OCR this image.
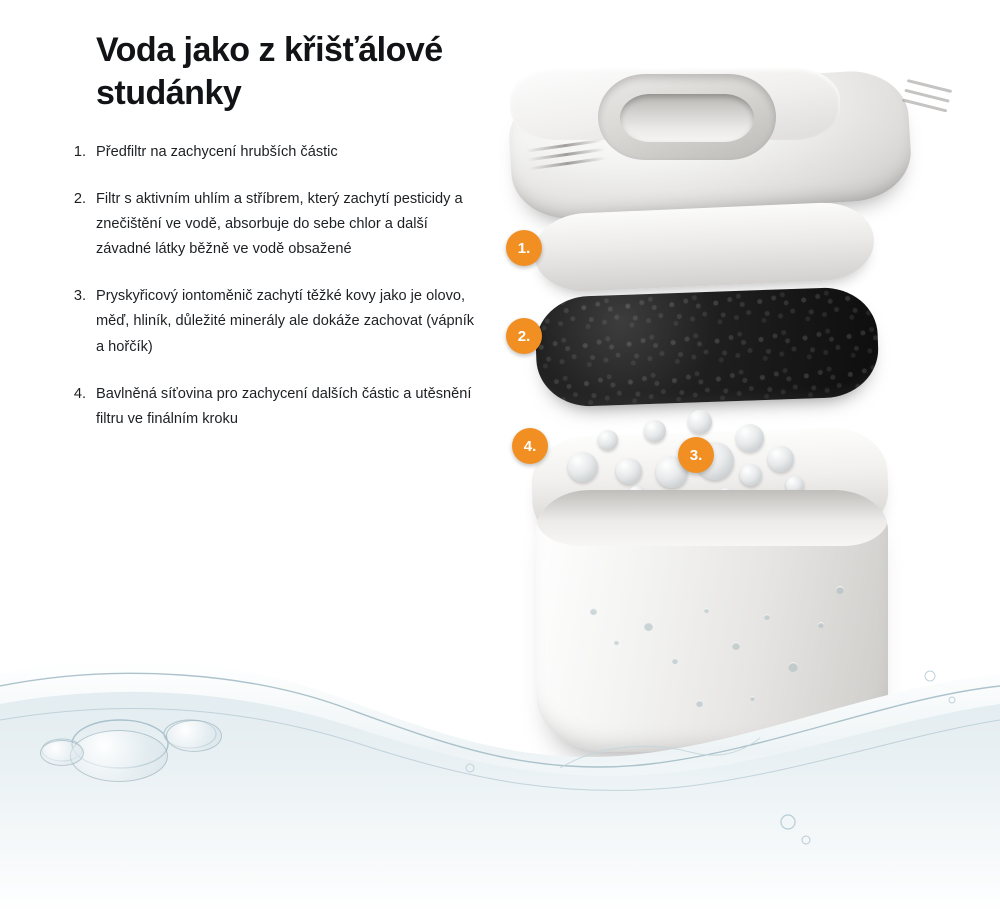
Voda jako z křišťálové studánky
1. Předfiltr na zachycení hrubších částic
2. Filtr s aktivním uhlím a stříbrem, který zachytí pesticidy a znečištění ve vodě, absorbuje do sebe chlor a další závadné látky běžně ve vodě obsažené
3. Pryskyřicový iontoměnič zachytí těžké kovy jako je olovo, měď, hliník, důležité minerály ale dokáže zachovat (vápník a hořčík)
4. Bavlněná síťovina pro zachycení dalších částic a utěsnění filtru ve finálním kroku
1.
2.
3.
4.
